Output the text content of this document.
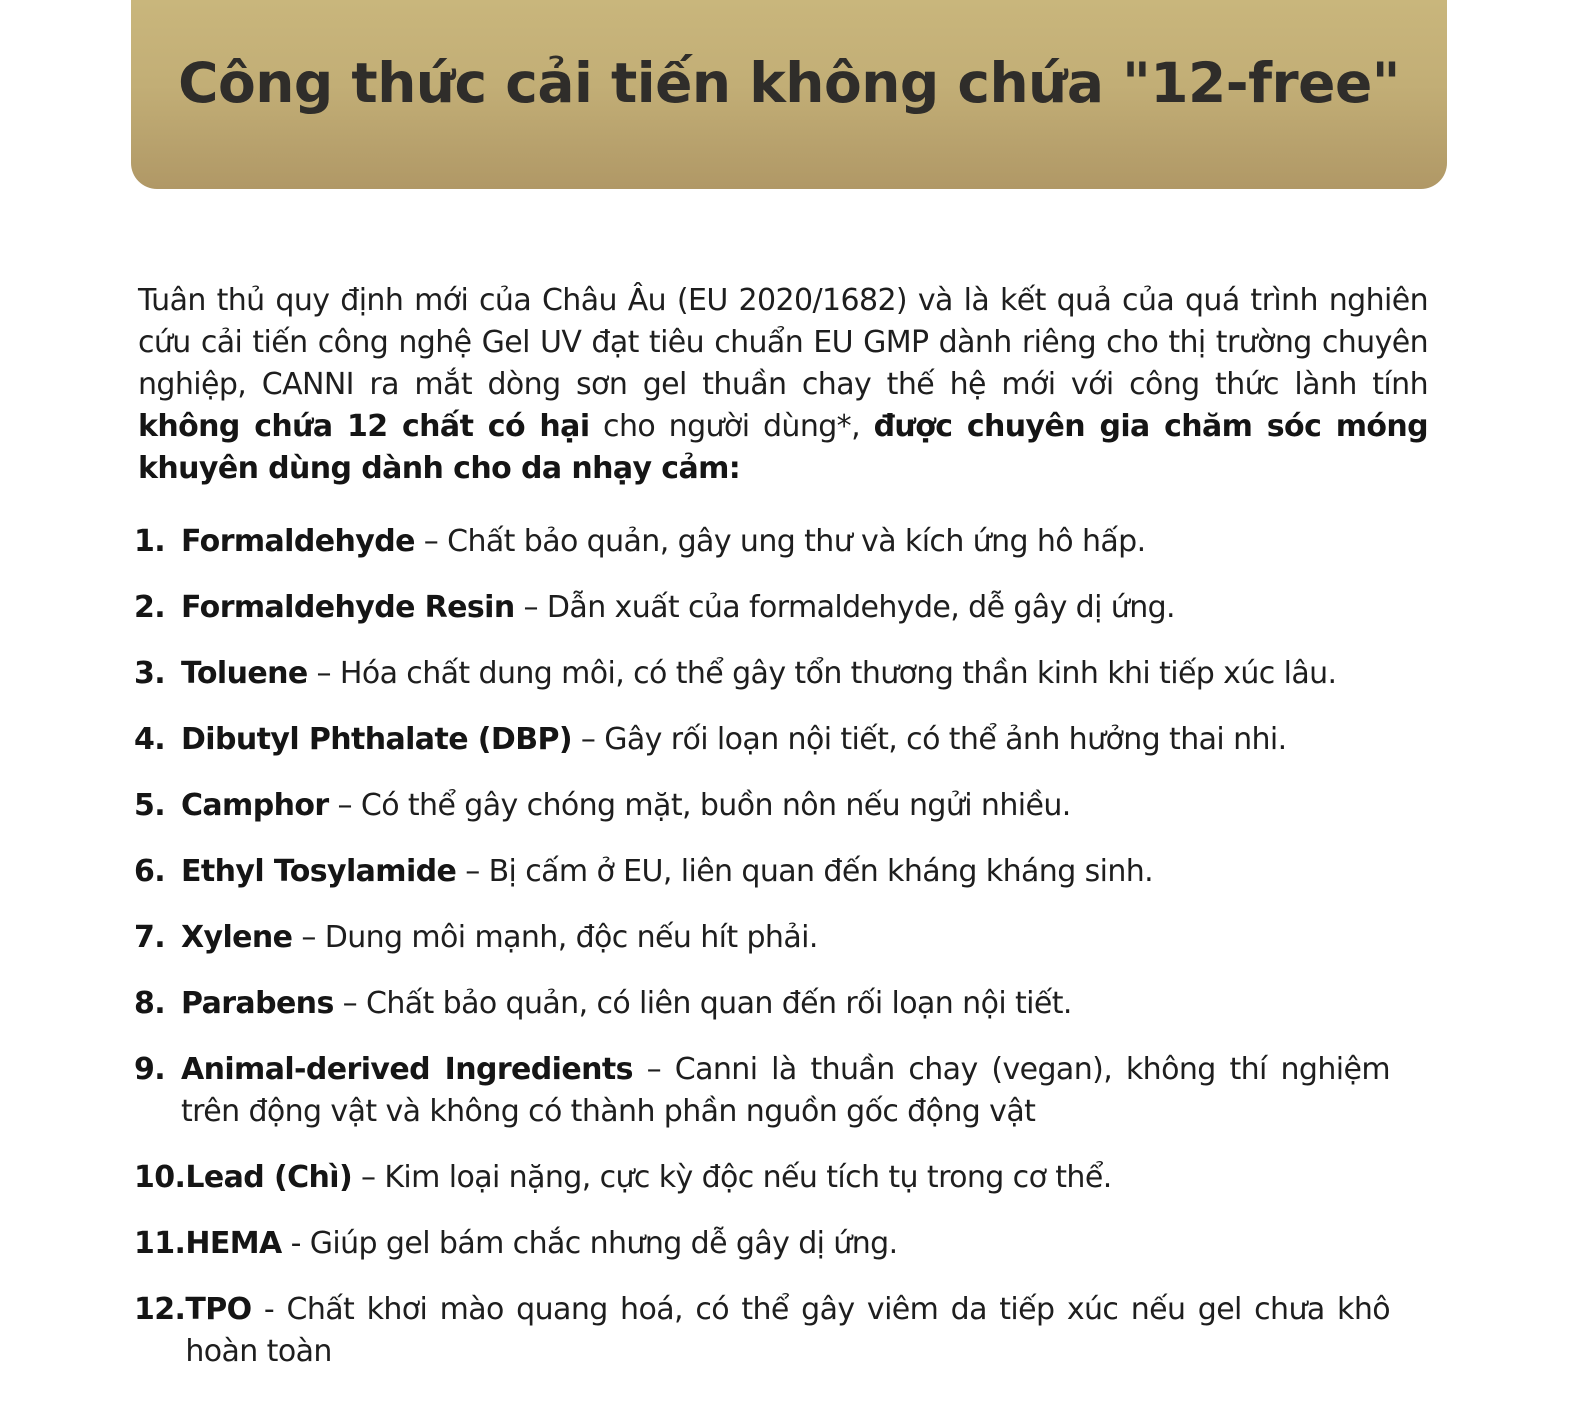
Công thức cải tiến không chứa "12-free"

Tuân thủ quy định mới của Châu Âu (EU 2020/1682) và là kết quả của quá trình nghiên cứu cải tiến công nghệ Gel UV đạt tiêu chuẩn EU GMP dành riêng cho thị trường chuyên nghiệp, CANNI ra mắt dòng sơn gel thuần chay thế hệ mới với công thức lành tính không chứa 12 chất có hại cho người dùng*, được chuyên gia chăm sóc móng khuyên dùng dành cho da nhạy cảm:

1. Formaldehyde – Chất bảo quản, gây ung thư và kích ứng hô hấp.
2. Formaldehyde Resin – Dẫn xuất của formaldehyde, dễ gây dị ứng.
3. Toluene – Hóa chất dung môi, có thể gây tổn thương thần kinh khi tiếp xúc lâu.
4. Dibutyl Phthalate (DBP) – Gây rối loạn nội tiết, có thể ảnh hưởng thai nhi.
5. Camphor – Có thể gây chóng mặt, buồn nôn nếu ngửi nhiều.
6. Ethyl Tosylamide – Bị cấm ở EU, liên quan đến kháng kháng sinh.
7. Xylene – Dung môi mạnh, độc nếu hít phải.
8. Parabens – Chất bảo quản, có liên quan đến rối loạn nội tiết.
9. Animal-derived Ingredients – Canni là thuần chay (vegan), không thí nghiệm trên động vật và không có thành phần nguồn gốc động vật
10. Lead (Chì) – Kim loại nặng, cực kỳ độc nếu tích tụ trong cơ thể.
11. HEMA - Giúp gel bám chắc nhưng dễ gây dị ứng.
12. TPO - Chất khơi mào quang hoá, có thể gây viêm da tiếp xúc nếu gel chưa khô hoàn toàn
